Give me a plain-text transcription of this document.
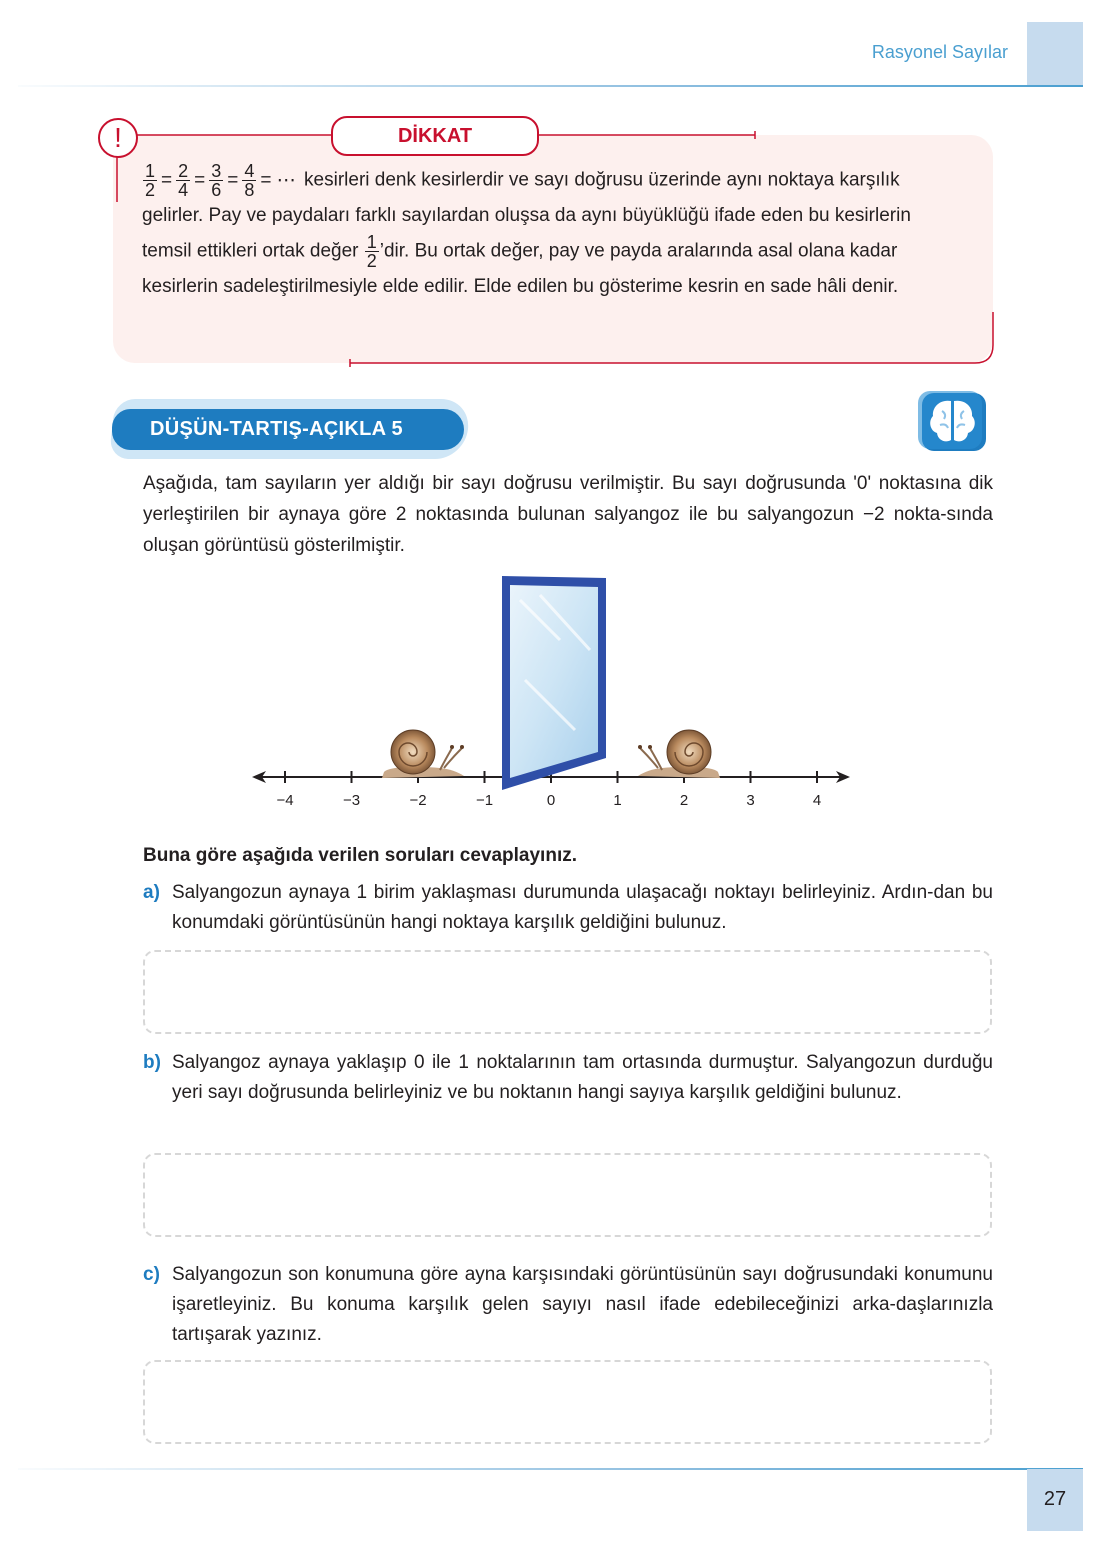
Rasyonel Sayılar
!	DİKKAT
$\frac{1}{2} = \frac{2}{4} = \frac{3}{6} = \frac{4}{8}$ = ⋯ kesirleri denk kesirlerdir ve sayı doğrusu üzerinde aynı noktaya karşılık
gelirler. Pay ve paydaları farklı sayılardan oluşsa da aynı büyüklüğü ifade eden bu kesirlerin
temsil ettikleri ortak değer $\frac{1}{2}$ ’dir. Bu ortak değer, pay ve payda aralarında asal olana kadar
kesirlerin sadeleştirilmesiyle elde edilir. Elde edilen bu gösterime kesrin en sade hâli denir.
DÜŞÜN-TARTIŞ-AÇIKLA 5
Aşağıda, tam sayıların yer aldığı bir sayı doğrusu verilmiştir. Bu sayı doğrusunda '0' noktasına dik yerleştirilen bir aynaya göre 2 noktasında bulunan salyangoz ile bu salyangozun −2 nokta-sında oluşan görüntüsü gösterilmiştir.
−4	−3	−2	−1	0	1	2	3	4
Buna göre aşağıda verilen soruları cevaplayınız.
a) Salyangozun aynaya 1 birim yaklaşması durumunda ulaşacağı noktayı belirleyiniz. Ardın-dan bu konumdaki görüntüsünün hangi noktaya karşılık geldiğini bulunuz.
b) Salyangoz aynaya yaklaşıp 0 ile 1 noktalarının tam ortasında durmuştur. Salyangozun durduğu yeri sayı doğrusunda belirleyiniz ve bu noktanın hangi sayıya karşılık geldiğini bulunuz.
c) Salyangozun son konumuna göre ayna karşısındaki görüntüsünün sayı doğrusundaki konumunu işaretleyiniz. Bu konuma karşılık gelen sayıyı nasıl ifade edebileceğinizi arka-daşlarınızla tartışarak yazınız.
27
